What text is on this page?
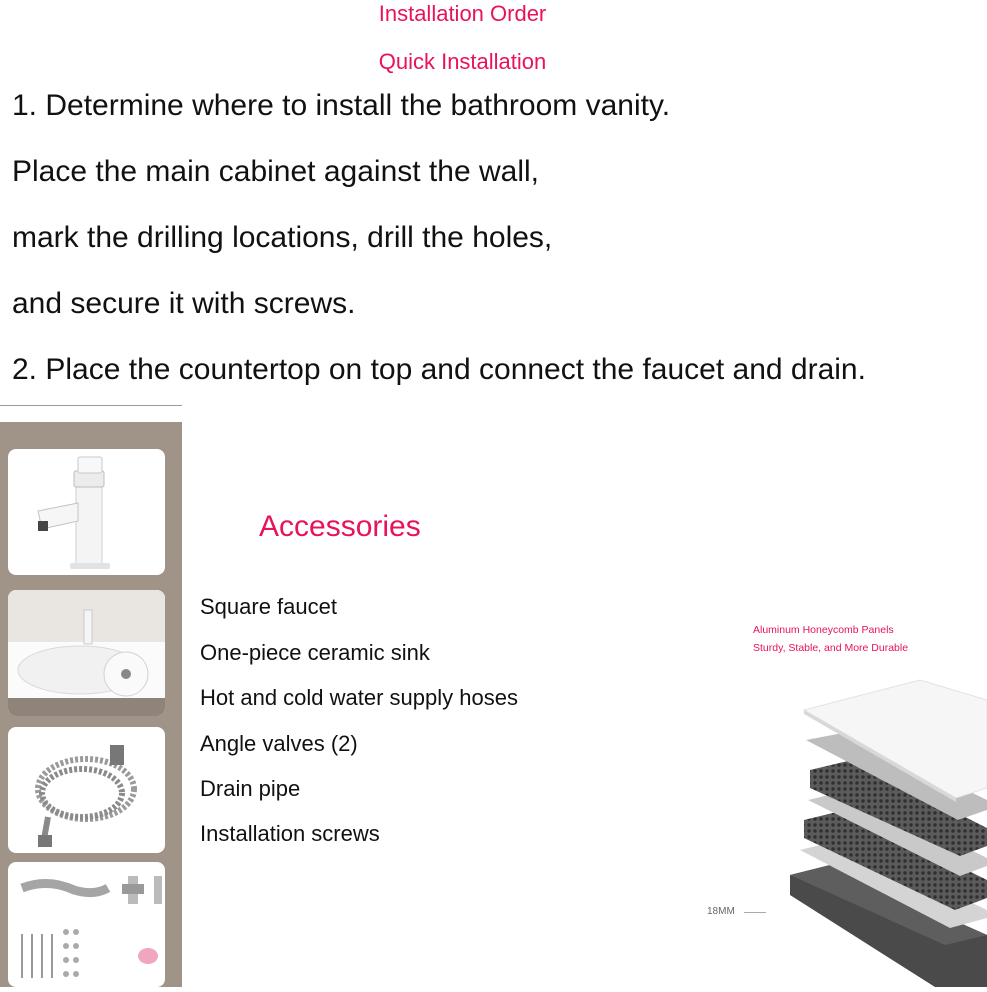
Installation Order
Quick Installation
1. Determine where to install the bathroom vanity.
Place the main cabinet against the wall,
mark the drilling locations, drill the holes,
and secure it with screws.
2. Place the countertop on top and connect the faucet and drain.
Accessories
Square faucet
One-piece ceramic sink
Hot and cold water supply hoses
Angle valves (2)
Drain pipe
Installation screws
Aluminum Honeycomb Panels
Sturdy, Stable, and More Durable
18MM
